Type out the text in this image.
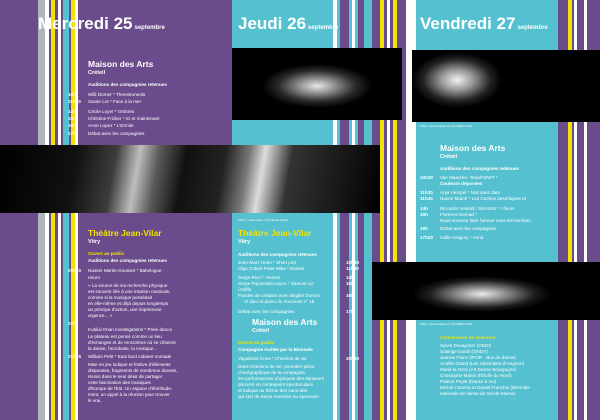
Photo : Laurie Lapor / Cie Nasser Martin
Photo : Que Ferange et / Cie William Petit
Photo : Que Ferange et / Cie William Petit
Mercredi 25 septembre	Jeudi 26 septembre	Vendredi 27 septembre
Maison des Arts
Créteil
Auditions des compagnies retenues
10h	Willi Dorner * Threestone/ds
11h30 Xavier Lot * Face à la mer
14h	Cécile Loyer * Ombres
15h	Christine Fricker * Ici et maintenant
16h	Anne Lopez * L'Ermite
17h	Débat avec les compagnies
Théâtre Jean-Vilar
Vitry
Ouvert au public
Auditions des compagnies retenues
20h30 Nasser Martin-Gousset * Babelogue
return
« La source de ma recherche physique
est souvent liée à une intuition musicale,
comme si la musique possédait
en elle-même et déjà depuis longtemps
un principe d'action, une impérieuse
urgence... »
21h
Kubilai Khan Investigations * Pnée dance
Le plateau est pensé comme un lieu
d'échanges et de rencontres où se côtoient
la danse, l'acrobatie, la musique...
21h45 William Petit * East land cabaret nomade
Mise en jeu ludique et festive d'éléments
disparates, fragments de nombreux danses,
réunis dans le seul désir de partager
cette fascination des musiques
d'Europe de l'Est. Un espace d'ébriétude-
ment, un appel à la réunion pour trouver
le vrai.
Théâtre Jean-Vilar
Vitry
Auditions des compagnies retenues
Jean-Marc Heim * Short port	10h30
Olga Cobos-Peter Mika * Events	11h30
Serge Ricci * Homes	14h
Serge Popineiski-Leyne * Samuel Lie	15h
/Joliffe
Paroles de création avec Brigitte Dumez	16h
Al dieci si pianu du Anconesi n° 18
Débat avec les compagnies	17h
Maison des Arts
Créteil
Ouvert au public
Compagnie invitée par la Biennale
Vagabond Crew * Chemins de vie	20h30
Dans Chemins de vie, première pièce
chorégraphique de la compagnie,
les performances physiques des danseurs
donnent un contrepoint spectaculaire
et ludique au thème des sans-abri
qui sert de trame narrative au spectacle.
Maison des Arts
Créteil
Auditions des compagnies retenues
10h30 Van Maarsen- Teriah'WWT *
Couleurs déposées
11h30 Anja Hempel * Nuit sans date
11h45 Naomi Mutoh * Les Caches desertiques III
14h	Riccardo Velandi / SKALEN * I fleurs
15h	Florence Bernad *
Nous sourons faire l'amour sous les bombes
16h	Débat avec les compagnies
17h30 Odile Azagury * Anna
Commission de sélection :
Sylvie Duvaycher (ONDI)
Solange Dondi (ONDA)
Jeanne Franc (IPOR - Bus de danse)
Amélie Grand (Les Hivernales d'Avignon)
Marie-la Gros (Art Danse Bourgogne)
Christophe Martin (l'Étoile du Nord)
Patrice Poyet (Danse à Aix)
Michel Caserta et Daniel Franchin (Biennale
nationale de danse du Val-de-Marne)
